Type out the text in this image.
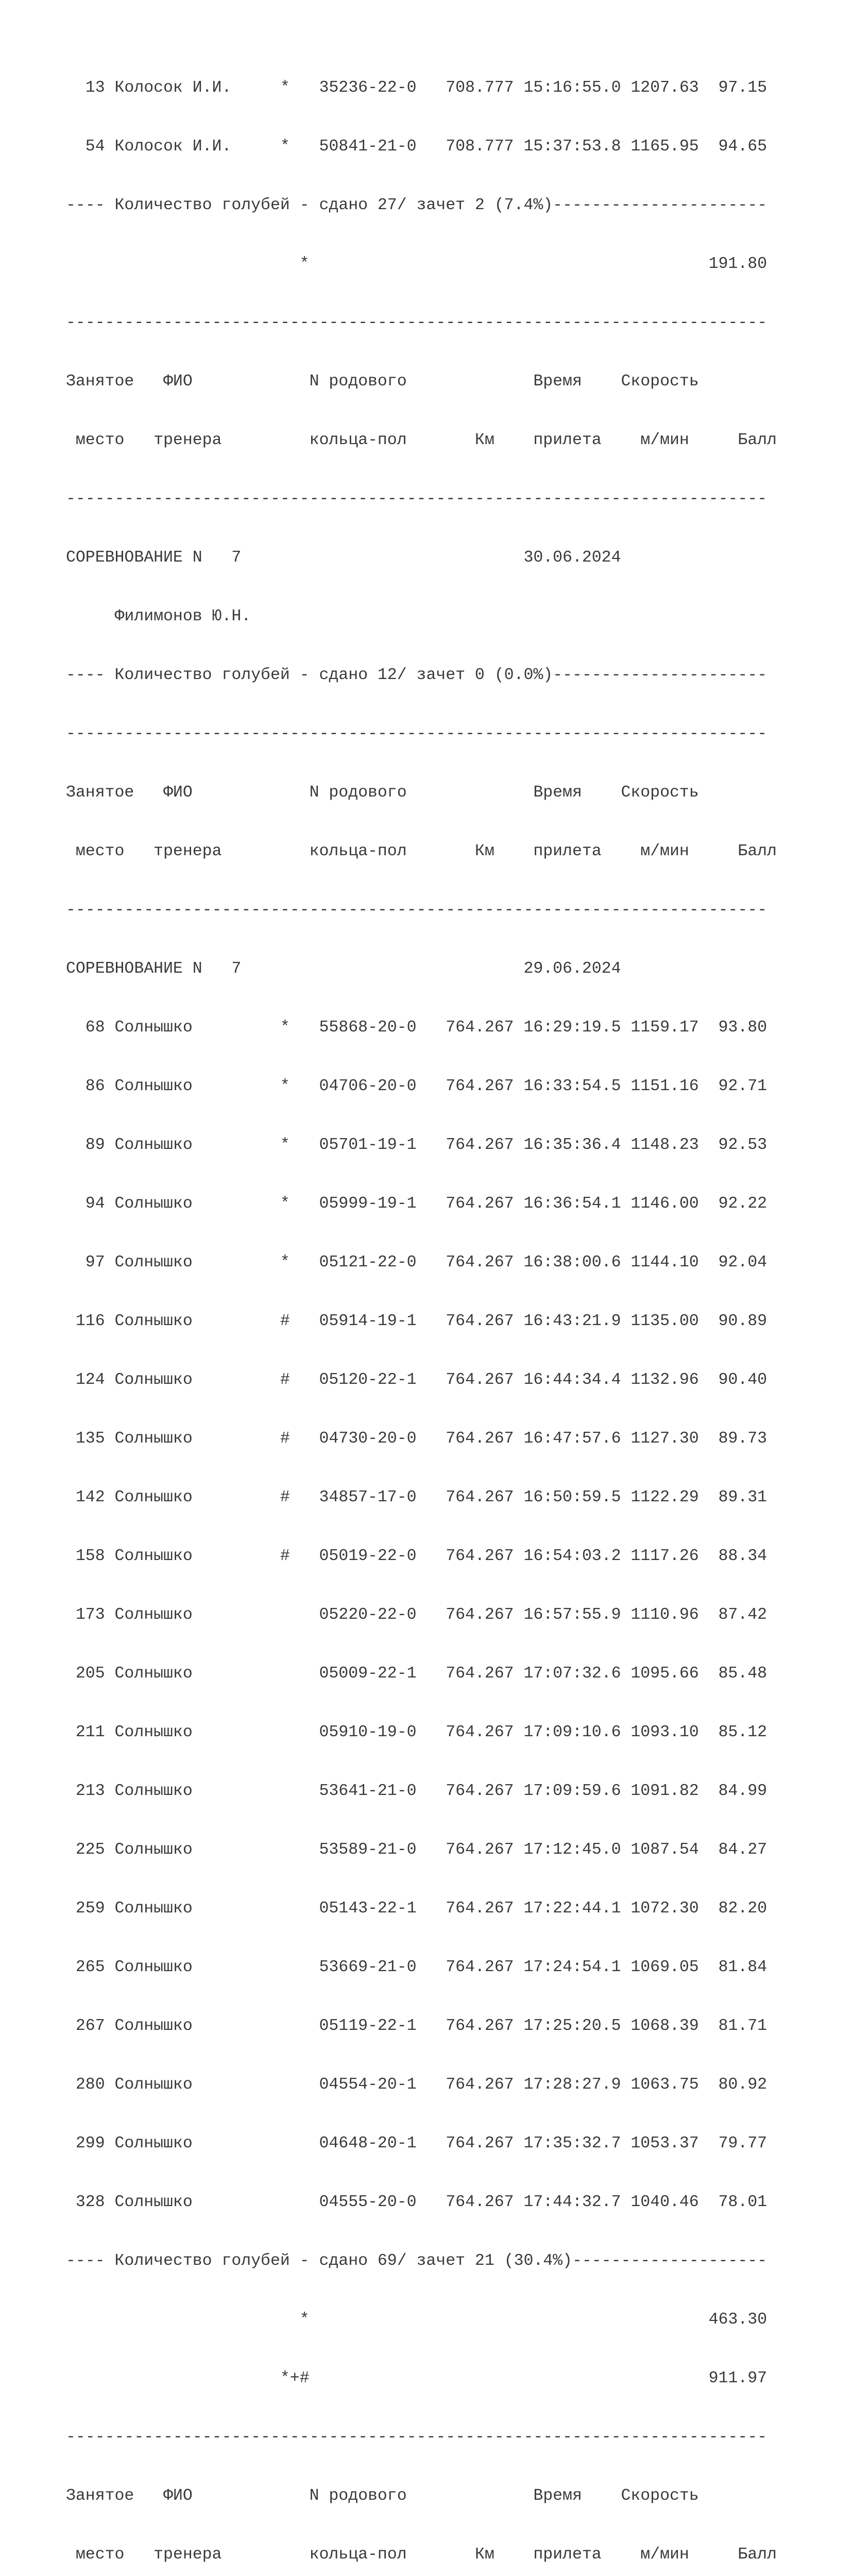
13 Колосок И.И.     *   35236-22-0   708.777 15:16:55.0 1207.63  97.15

54 Колосок И.И.     *   50841-21-0   708.777 15:37:53.8 1165.95  94.65

---- Количество голубей - сдано 27/ зачет 2 (7.4%)----------------------

*                                         191.80

------------------------------------------------------------------------

Занятое   ФИО            N родового             Время    Скорость

место   тренера         кольца-пол       Км    прилета    м/мин     Балл

------------------------------------------------------------------------

СОРЕВНОВАНИЕ N   7                             30.06.2024

Филимонов Ю.Н.

---- Количество голубей - сдано 12/ зачет 0 (0.0%)----------------------

------------------------------------------------------------------------

Занятое   ФИО            N родового             Время    Скорость

место   тренера         кольца-пол       Км    прилета    м/мин     Балл

------------------------------------------------------------------------

СОРЕВНОВАНИЕ N   7                             29.06.2024

68 Солнышко         *   55868-20-0   764.267 16:29:19.5 1159.17  93.80

86 Солнышко         *   04706-20-0   764.267 16:33:54.5 1151.16  92.71

89 Солнышко         *   05701-19-1   764.267 16:35:36.4 1148.23  92.53

94 Солнышко         *   05999-19-1   764.267 16:36:54.1 1146.00  92.22

97 Солнышко         *   05121-22-0   764.267 16:38:00.6 1144.10  92.04

116 Солнышко         #   05914-19-1   764.267 16:43:21.9 1135.00  90.89

124 Солнышко         #   05120-22-1   764.267 16:44:34.4 1132.96  90.40

135 Солнышко         #   04730-20-0   764.267 16:47:57.6 1127.30  89.73

142 Солнышко         #   34857-17-0   764.267 16:50:59.5 1122.29  89.31

158 Солнышко         #   05019-22-0   764.267 16:54:03.2 1117.26  88.34

173 Солнышко             05220-22-0   764.267 16:57:55.9 1110.96  87.42

205 Солнышко             05009-22-1   764.267 17:07:32.6 1095.66  85.48

211 Солнышко             05910-19-0   764.267 17:09:10.6 1093.10  85.12

213 Солнышко             53641-21-0   764.267 17:09:59.6 1091.82  84.99

225 Солнышко             53589-21-0   764.267 17:12:45.0 1087.54  84.27

259 Солнышко             05143-22-1   764.267 17:22:44.1 1072.30  82.20

265 Солнышко             53669-21-0   764.267 17:24:54.1 1069.05  81.84

267 Солнышко             05119-22-1   764.267 17:25:20.5 1068.39  81.71

280 Солнышко             04554-20-1   764.267 17:28:27.9 1063.75  80.92

299 Солнышко             04648-20-1   764.267 17:35:32.7 1053.37  79.77

328 Солнышко             04555-20-0   764.267 17:44:32.7 1040.46  78.01

---- Количество голубей - сдано 69/ зачет 21 (30.4%)--------------------

*                                         463.30

*+#                                         911.97

------------------------------------------------------------------------

Занятое   ФИО            N родового             Время    Скорость

место   тренера         кольца-пол       Км    прилета    м/мин     Балл
